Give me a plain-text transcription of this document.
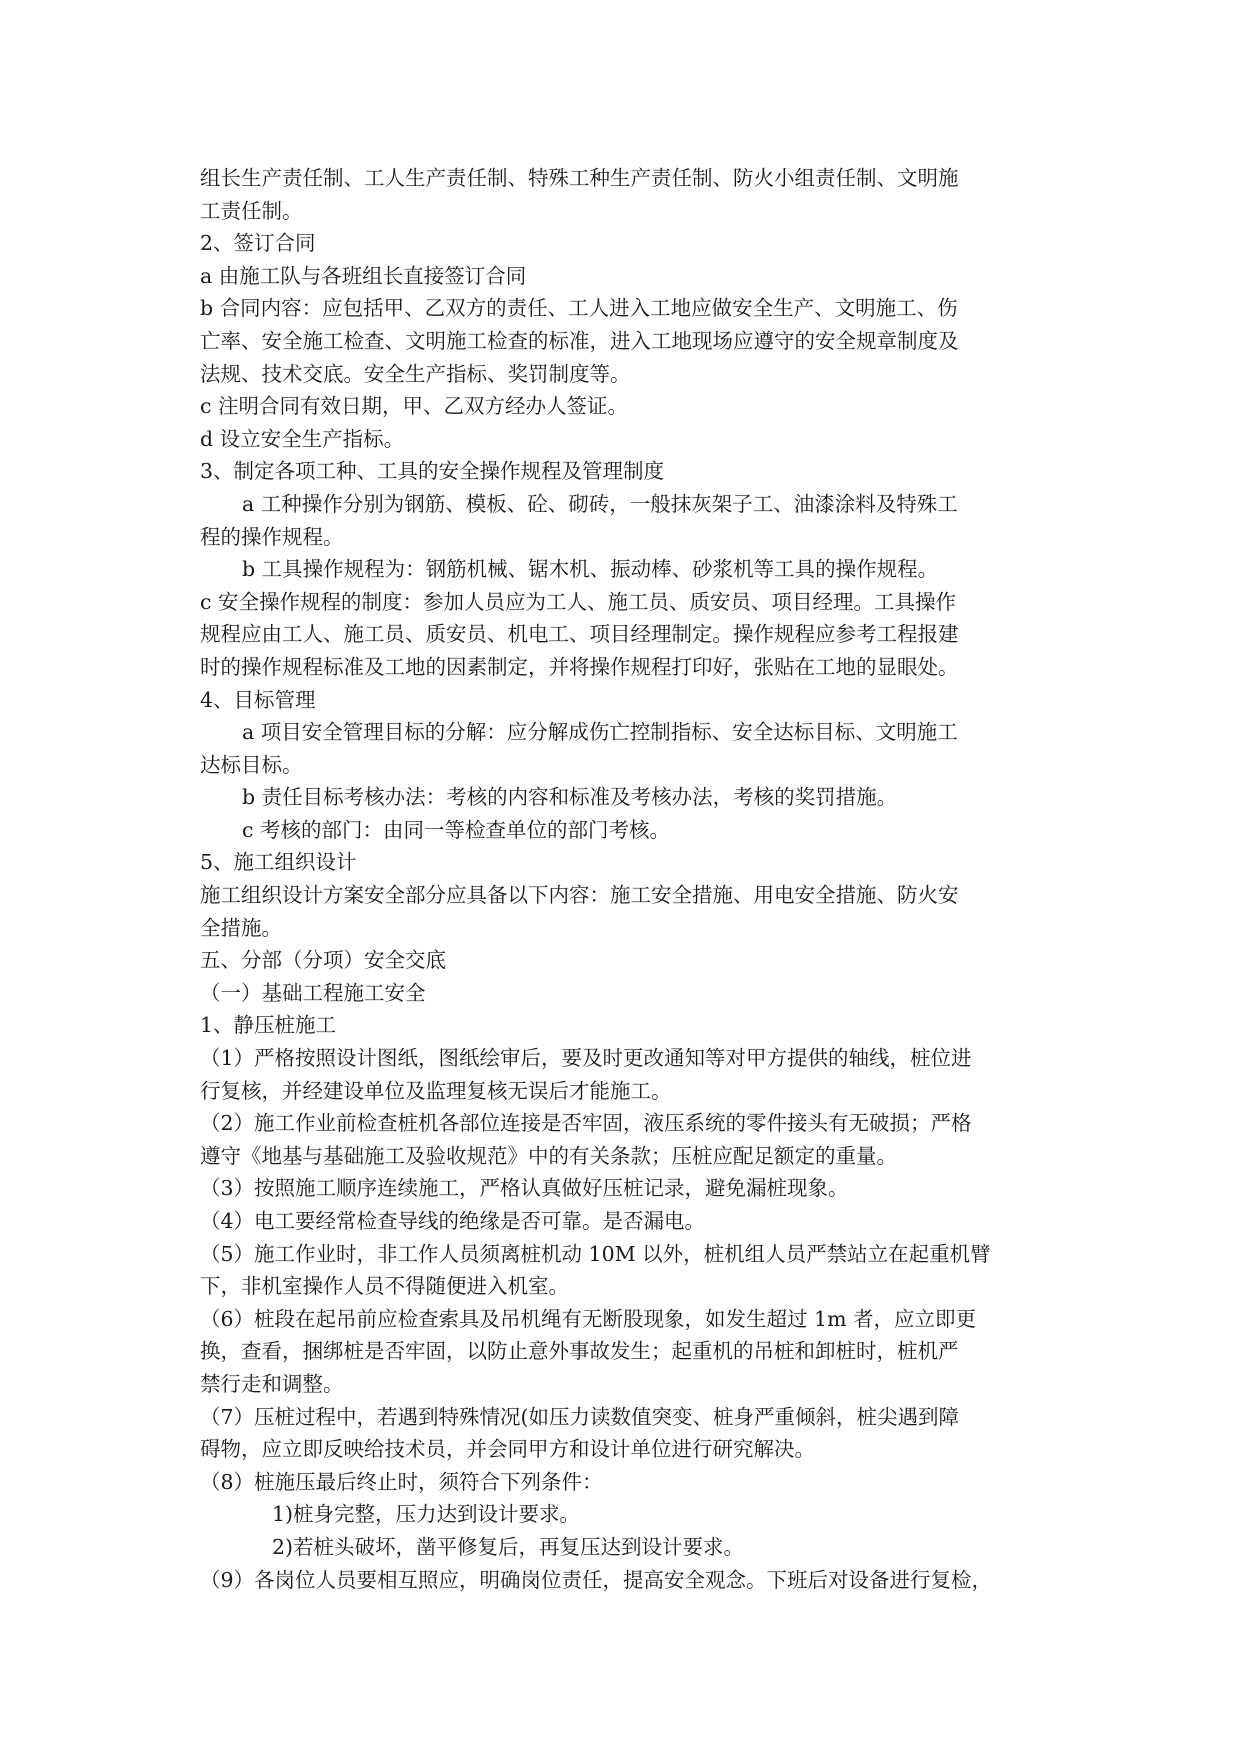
组长生产责任制、工人生产责任制、特殊工种生产责任制、防火小组责任制、文明施
工责任制。
2、签订合同
a 由施工队与各班组长直接签订合同
b 合同内容：应包括甲、乙双方的责任、工人进入工地应做安全生产、文明施工、伤
亡率、安全施工检查、文明施工检查的标准，进入工地现场应遵守的安全规章制度及
法规、技术交底。安全生产指标、奖罚制度等。
c 注明合同有效日期，甲、乙双方经办人签证。
d 设立安全生产指标。
3、制定各项工种、工具的安全操作规程及管理制度
a 工种操作分别为钢筋、模板、砼、砌砖，一般抹灰架子工、油漆涂料及特殊工
程的操作规程。
b 工具操作规程为：钢筋机械、锯木机、振动棒、砂浆机等工具的操作规程。
c 安全操作规程的制度：参加人员应为工人、施工员、质安员、项目经理。工具操作
规程应由工人、施工员、质安员、机电工、项目经理制定。操作规程应参考工程报建
时的操作规程标准及工地的因素制定，并将操作规程打印好，张贴在工地的显眼处。
4、目标管理
a 项目安全管理目标的分解：应分解成伤亡控制指标、安全达标目标、文明施工
达标目标。
b 责任目标考核办法：考核的内容和标准及考核办法，考核的奖罚措施。
c 考核的部门：由同一等检查单位的部门考核。
5、施工组织设计
施工组织设计方案安全部分应具备以下内容：施工安全措施、用电安全措施、防火安
全措施。
五、分部（分项）安全交底
（一）基础工程施工安全
1、静压桩施工
（1）严格按照设计图纸，图纸绘审后，要及时更改通知等对甲方提供的轴线，桩位进
行复核，并经建设单位及监理复核无误后才能施工。
（2）施工作业前检查桩机各部位连接是否牢固，液压系统的零件接头有无破损；严格
遵守《地基与基础施工及验收规范》中的有关条款；压桩应配足额定的重量。
（3）按照施工顺序连续施工，严格认真做好压桩记录，避免漏桩现象。
（4）电工要经常检查导线的绝缘是否可靠。是否漏电。
（5）施工作业时，非工作人员须离桩机动 10M 以外，桩机组人员严禁站立在起重机臂
下，非机室操作人员不得随便进入机室。
（6）桩段在起吊前应检查索具及吊机绳有无断股现象，如发生超过 1m 者，应立即更
换，查看，捆绑桩是否牢固，以防止意外事故发生；起重机的吊桩和卸桩时，桩机严
禁行走和调整。
（7）压桩过程中，若遇到特殊情况(如压力读数值突变、桩身严重倾斜，桩尖遇到障
碍物，应立即反映给技术员，并会同甲方和设计单位进行研究解决。
（8）桩施压最后终止时，须符合下列条件：
1)桩身完整，压力达到设计要求。
2)若桩头破坏，凿平修复后，再复压达到设计要求。
（9）各岗位人员要相互照应，明确岗位责任，提高安全观念。下班后对设备进行复检，
